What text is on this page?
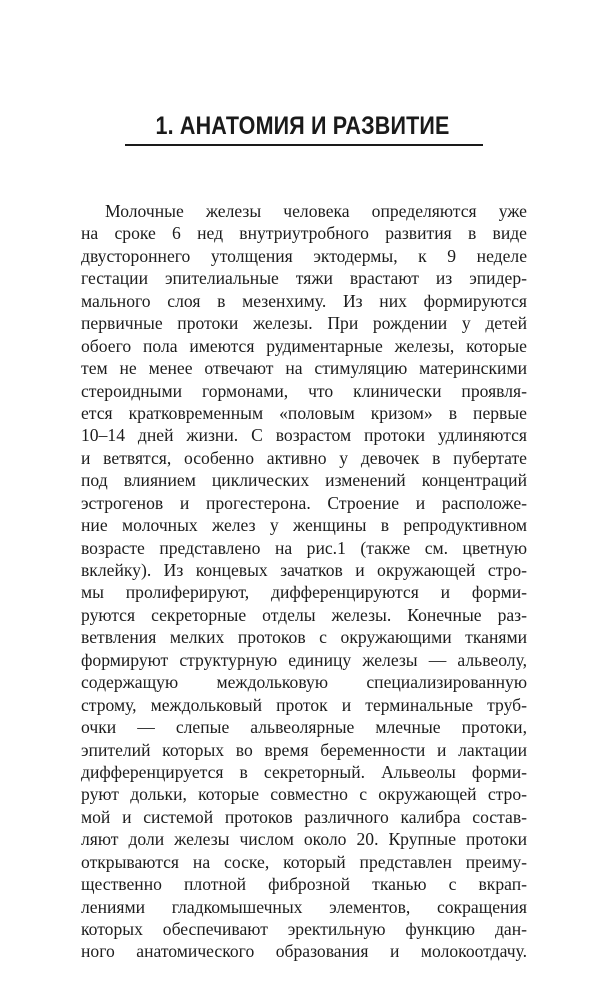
1. АНАТОМИЯ И РАЗВИТИЕ
Молочные железы человека определяются уже
на сроке 6 нед внутриутробного развития в виде
двустороннего утолщения эктодермы, к 9 неделе
гестации эпителиальные тяжи врастают из эпидер-
мального слоя в мезенхиму. Из них формируются
первичные протоки железы. При рождении у детей
обоего пола имеются рудиментарные железы, которые
тем не менее отвечают на стимуляцию материнскими
стероидными гормонами, что клинически проявля-
ется кратковременным «половым кризом» в первые
10–14 дней жизни. С возрастом протоки удлиняются
и ветвятся, особенно активно у девочек в пубертате
под влиянием циклических изменений концентраций
эстрогенов и прогестерона. Строение и расположе-
ние молочных желез у женщины в репродуктивном
возрасте представлено на рис.1 (также см. цветную
вклейку). Из концевых зачатков и окружающей стро-
мы пролиферируют, дифференцируются и форми-
руются секреторные отделы железы. Конечные раз-
ветвления мелких протоков с окружающими тканями
формируют структурную единицу железы — альвеолу,
содержащую междольковую специализированную
строму, междольковый проток и терминальные труб-
очки — слепые альвеолярные млечные протоки,
эпителий которых во время беременности и лактации
дифференцируется в секреторный. Альвеолы форми-
руют дольки, которые совместно с окружающей стро-
мой и системой протоков различного калибра состав-
ляют доли железы числом около 20. Крупные протоки
открываются на соске, который представлен преиму-
щественно плотной фиброзной тканью с вкрап-
лениями гладкомышечных элементов, сокращения
которых обеспечивают эректильную функцию дан-
ного анатомического образования и молокоотдачу.
